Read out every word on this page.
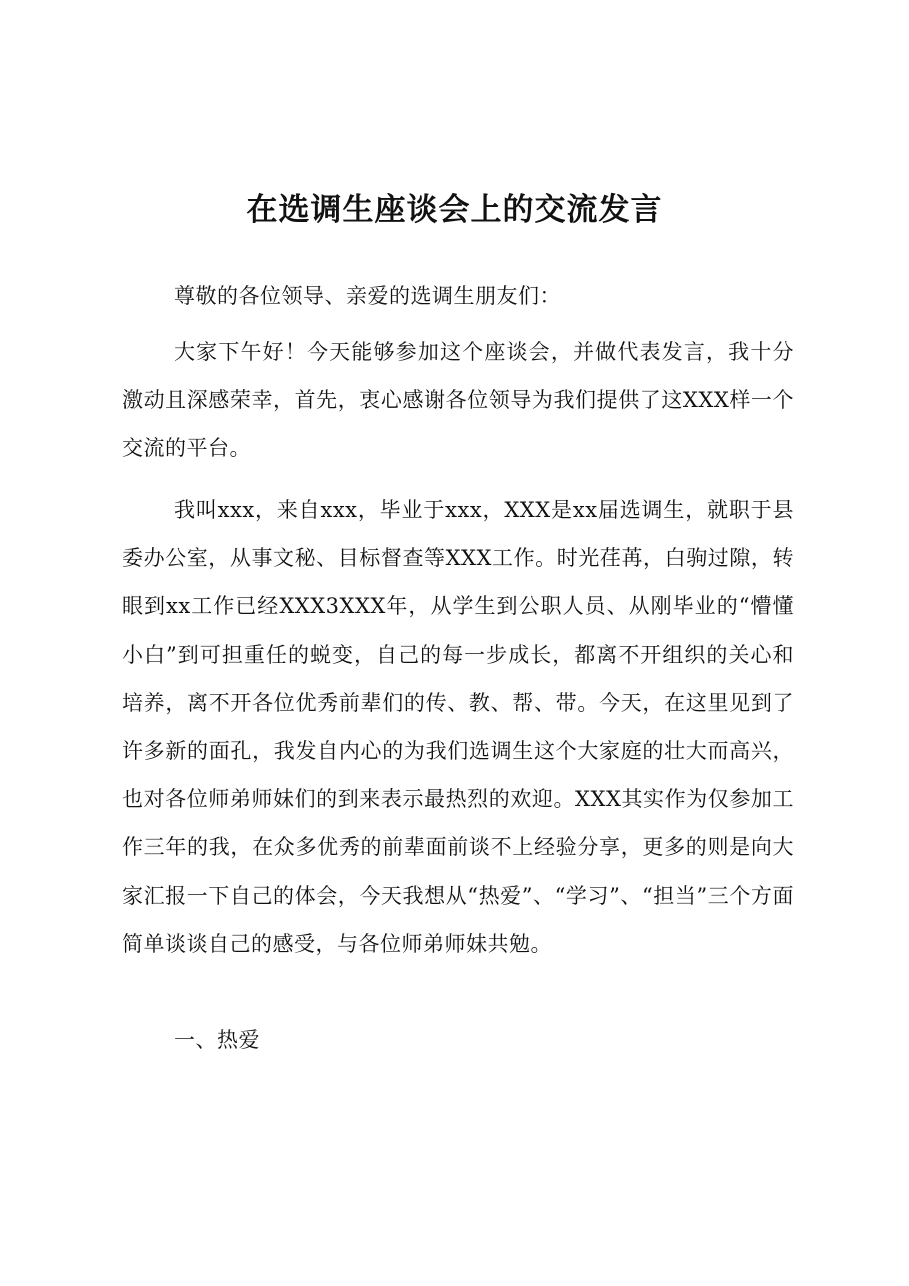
在选调生座谈会上的交流发言

尊敬的各位领导、亲爱的选调生朋友们：

大家下午好！今天能够参加这个座谈会，并做代表发言，我十分激动且深感荣幸，首先，衷心感谢各位领导为我们提供了这XXX样一个交流的平台。

我叫xxx，来自xxx，毕业于xxx，XXX是xx届选调生，就职于县委办公室，从事文秘、目标督查等XXX工作。时光荏苒，白驹过隙，转眼到xx工作已经XXX3XXX年，从学生到公职人员、从刚毕业的“懵懂小白”到可担重任的蜕变，自己的每一步成长，都离不开组织的关心和培养，离不开各位优秀前辈们的传、教、帮、带。今天，在这里见到了许多新的面孔，我发自内心的为我们选调生这个大家庭的壮大而高兴，也对各位师弟师妹们的到来表示最热烈的欢迎。XXX其实作为仅参加工作三年的我，在众多优秀的前辈面前谈不上经验分享，更多的则是向大家汇报一下自己的体会，今天我想从“热爱”、“学习”、“担当”三个方面简单谈谈自己的感受，与各位师弟师妹共勉。

一、热爱
